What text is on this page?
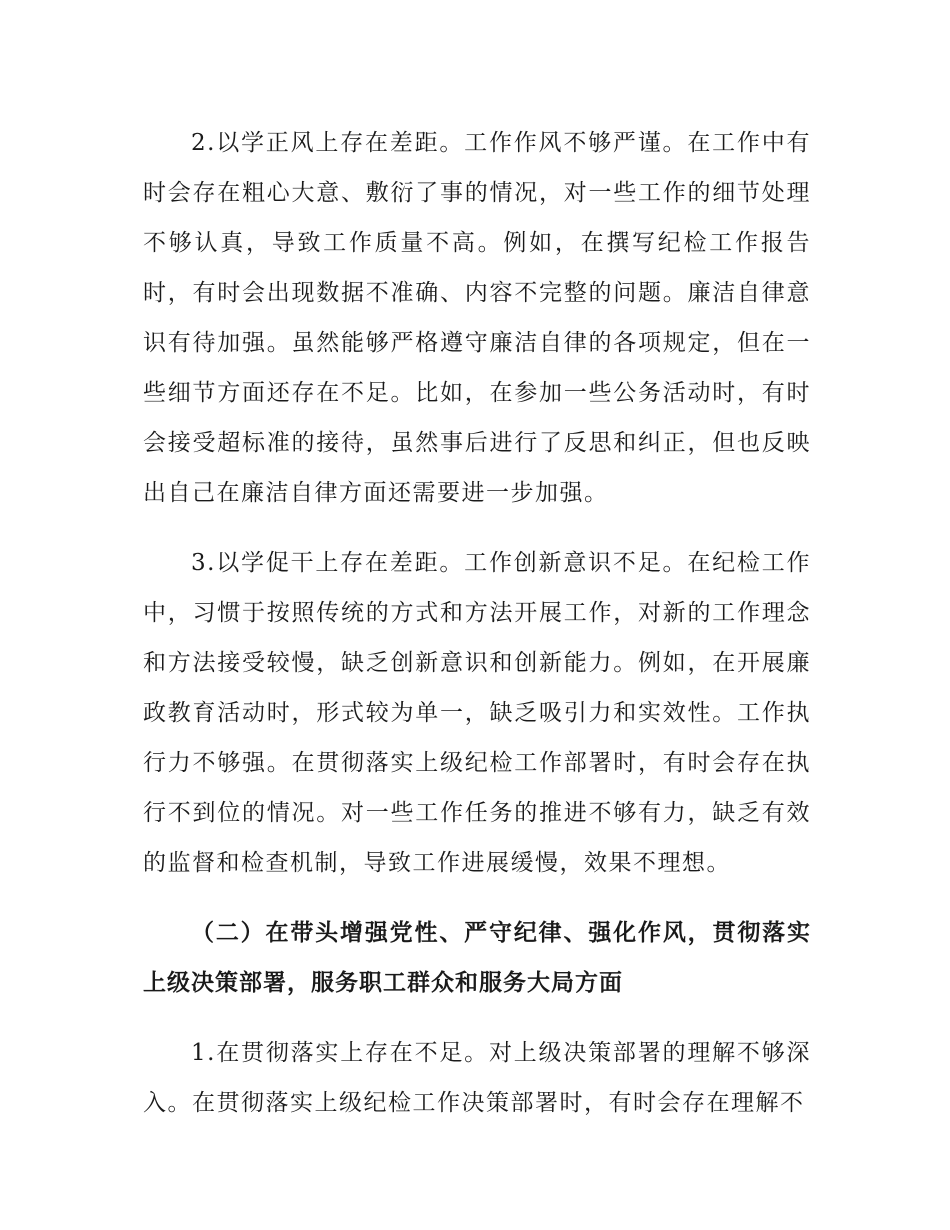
2.以学正风上存在差距。工作作风不够严谨。在工作中有时会存在粗心大意、敷衍了事的情况，对一些工作的细节处理不够认真，导致工作质量不高。例如，在撰写纪检工作报告时，有时会出现数据不准确、内容不完整的问题。廉洁自律意识有待加强。虽然能够严格遵守廉洁自律的各项规定，但在一些细节方面还存在不足。比如，在参加一些公务活动时，有时会接受超标准的接待，虽然事后进行了反思和纠正，但也反映出自己在廉洁自律方面还需要进一步加强。

3.以学促干上存在差距。工作创新意识不足。在纪检工作中，习惯于按照传统的方式和方法开展工作，对新的工作理念和方法接受较慢，缺乏创新意识和创新能力。例如，在开展廉政教育活动时，形式较为单一，缺乏吸引力和实效性。工作执行力不够强。在贯彻落实上级纪检工作部署时，有时会存在执行不到位的情况。对一些工作任务的推进不够有力，缺乏有效的监督和检查机制，导致工作进展缓慢，效果不理想。

（二）在带头增强党性、严守纪律、强化作风，贯彻落实上级决策部署，服务职工群众和服务大局方面

1.在贯彻落实上存在不足。对上级决策部署的理解不够深入。在贯彻落实上级纪检工作决策部署时，有时会存在理解不
